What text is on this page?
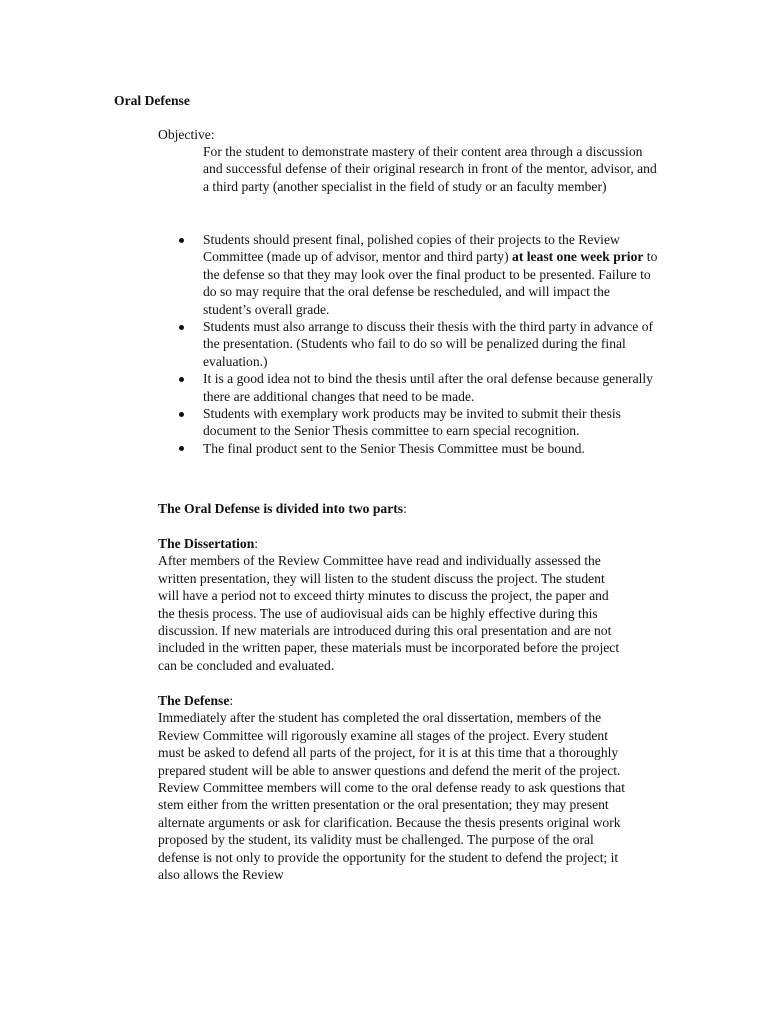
Oral Defense
Objective:
For the student to demonstrate mastery of their content area through a discussion and successful defense of their original research in front of the mentor, advisor, and a third party (another specialist in the field of study or an faculty member)
Students should present final, polished copies of their projects to the Review Committee (made up of advisor, mentor and third party) at least one week prior to the defense so that they may look over the final product to be presented. Failure to do so may require that the oral defense be rescheduled, and will impact the student’s overall grade.
Students must also arrange to discuss their thesis with the third party in advance of the presentation. (Students who fail to do so will be penalized during the final evaluation.)
It is a good idea not to bind the thesis until after the oral defense because generally there are additional changes that need to be made.
Students with exemplary work products may be invited to submit their thesis document to the Senior Thesis committee to earn special recognition.
The final product sent to the Senior Thesis Committee must be bound.
The Oral Defense is divided into two parts:
The Dissertation:
After members of the Review Committee have read and individually assessed the written presentation, they will listen to the student discuss the project. The student will have a period not to exceed thirty minutes to discuss the project, the paper and the thesis process. The use of audiovisual aids can be highly effective during this discussion. If new materials are introduced during this oral presentation and are not included in the written paper, these materials must be incorporated before the project can be concluded and evaluated.
The Defense:
Immediately after the student has completed the oral dissertation, members of the Review Committee will rigorously examine all stages of the project. Every student must be asked to defend all parts of the project, for it is at this time that a thoroughly prepared student will be able to answer questions and defend the merit of the project. Review Committee members will come to the oral defense ready to ask questions that stem either from the written presentation or the oral presentation; they may present alternate arguments or ask for clarification. Because the thesis presents original work proposed by the student, its validity must be challenged. The purpose of the oral defense is not only to provide the opportunity for the student to defend the project; it also allows the Review
